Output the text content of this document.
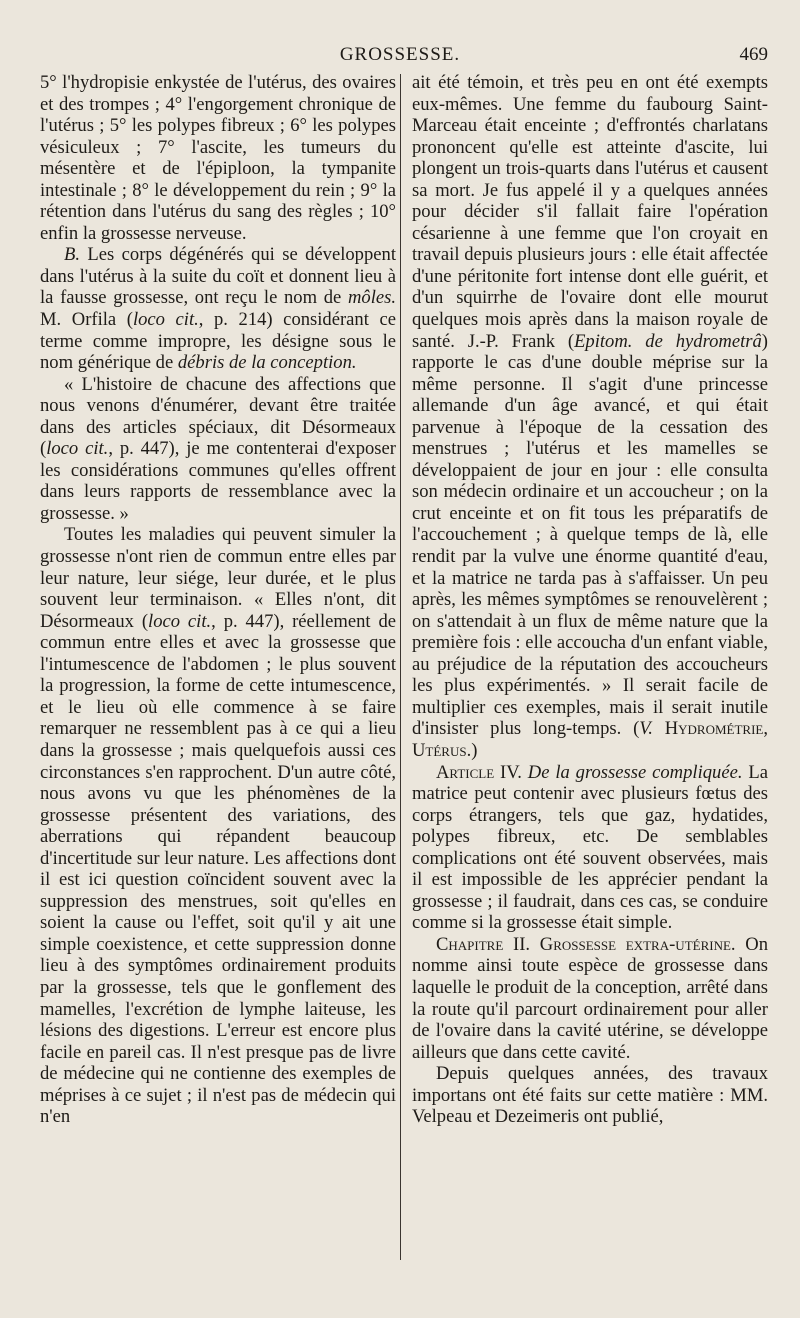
GROSSESSE.	469

5° l'hydropisie enkystée de l'utérus, des ovaires et des trompes ; 4° l'engorgement chronique de l'utérus ; 5° les polypes fibreux ; 6° les polypes vésiculeux ; 7° l'ascite, les tumeurs du mésentère et de l'épiploon, la tympanite intestinale ; 8° le développement du rein ; 9° la rétention dans l'utérus du sang des règles ; 10° enfin la grossesse nerveuse.

B. Les corps dégénérés qui se développent dans l'utérus à la suite du coït et donnent lieu à la fausse grossesse, ont reçu le nom de môles. M. Orfila (loco cit., p. 214) considérant ce terme comme impropre, les désigne sous le nom générique de débris de la conception.

« L'histoire de chacune des affections que nous venons d'énumérer, devant être traitée dans des articles spéciaux, dit Désormeaux (loco cit., p. 447), je me contenterai d'exposer les considérations communes qu'elles offrent dans leurs rapports de ressemblance avec la grossesse. »

Toutes les maladies qui peuvent simuler la grossesse n'ont rien de commun entre elles par leur nature, leur siége, leur durée, et le plus souvent leur terminaison. « Elles n'ont, dit Désormeaux (loco cit., p. 447), réellement de commun entre elles et avec la grossesse que l'intumescence de l'abdomen ; le plus souvent la progression, la forme de cette intumescence, et le lieu où elle commence à se faire remarquer ne ressemblent pas à ce qui a lieu dans la grossesse ; mais quelquefois aussi ces circonstances s'en rapprochent. D'un autre côté, nous avons vu que les phénomènes de la grossesse présentent des variations, des aberrations qui répandent beaucoup d'incertitude sur leur nature. Les affections dont il est ici question coïncident souvent avec la suppression des menstrues, soit qu'elles en soient la cause ou l'effet, soit qu'il y ait une simple coexistence, et cette suppression donne lieu à des symptômes ordinairement produits par la grossesse, tels que le gonflement des mamelles, l'excrétion de lymphe laiteuse, les lésions des digestions. L'erreur est encore plus facile en pareil cas. Il n'est presque pas de livre de médecine qui ne contienne des exemples de méprises à ce sujet ; il n'est pas de médecin qui n'en

ait été témoin, et très peu en ont été exempts eux-mêmes. Une femme du faubourg Saint-Marceau était enceinte ; d'effrontés charlatans prononcent qu'elle est atteinte d'ascite, lui plongent un trois-quarts dans l'utérus et causent sa mort. Je fus appelé il y a quelques années pour décider s'il fallait faire l'opération césarienne à une femme que l'on croyait en travail depuis plusieurs jours : elle était affectée d'une péritonite fort intense dont elle guérit, et d'un squirrhe de l'ovaire dont elle mourut quelques mois après dans la maison royale de santé. J.-P. Frank (Epitom. de hydrometrâ) rapporte le cas d'une double méprise sur la même personne. Il s'agit d'une princesse allemande d'un âge avancé, et qui était parvenue à l'époque de la cessation des menstrues ; l'utérus et les mamelles se développaient de jour en jour : elle consulta son médecin ordinaire et un accoucheur ; on la crut enceinte et on fit tous les préparatifs de l'accouchement ; à quelque temps de là, elle rendit par la vulve une énorme quantité d'eau, et la matrice ne tarda pas à s'affaisser. Un peu après, les mêmes symptômes se renouvelèrent ; on s'attendait à un flux de même nature que la première fois : elle accoucha d'un enfant viable, au préjudice de la réputation des accoucheurs les plus expérimentés. » Il serait facile de multiplier ces exemples, mais il serait inutile d'insister plus long-temps. (V. Hydrométrie, Utérus.)

Article IV. De la grossesse compliquée. La matrice peut contenir avec plusieurs fœtus des corps étrangers, tels que gaz, hydatides, polypes fibreux, etc. De semblables complications ont été souvent observées, mais il est impossible de les apprécier pendant la grossesse ; il faudrait, dans ces cas, se conduire comme si la grossesse était simple.

Chapitre II. Grossesse extra-utérine. On nomme ainsi toute espèce de grossesse dans laquelle le produit de la conception, arrêté dans la route qu'il parcourt ordinairement pour aller de l'ovaire dans la cavité utérine, se développe ailleurs que dans cette cavité.

Depuis quelques années, des travaux importans ont été faits sur cette matière : MM. Velpeau et Dezeimeris ont publié,
